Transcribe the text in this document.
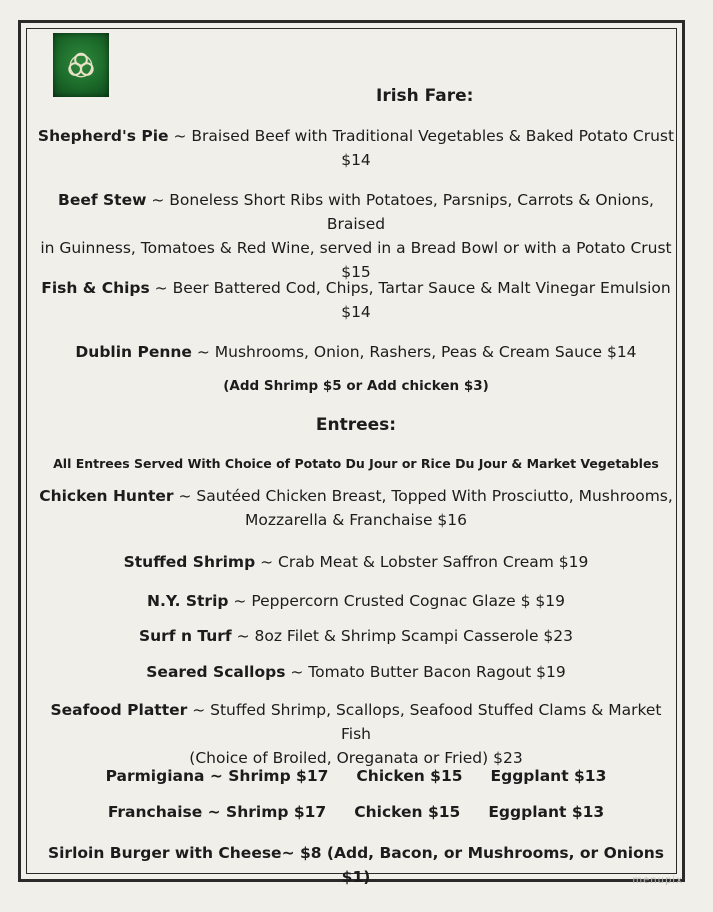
Irish Fare:
Shepherd's Pie ~ Braised Beef with Traditional Vegetables & Baked Potato Crust
$14
Beef Stew ~ Boneless Short Ribs with Potatoes, Parsnips, Carrots & Onions, Braised
in Guinness, Tomatoes & Red Wine, served in a Bread Bowl or with a Potato Crust
$15
Fish & Chips ~ Beer Battered Cod, Chips, Tartar Sauce & Malt Vinegar Emulsion
$14
Dublin Penne ~ Mushrooms, Onion, Rashers, Peas & Cream Sauce $14
(Add Shrimp $5 or Add chicken $3)
Entrees:
All Entrees Served With Choice of Potato Du Jour or Rice Du Jour & Market Vegetables
Chicken Hunter ~ Sautéed Chicken Breast, Topped With Prosciutto, Mushrooms,
Mozzarella & Franchaise $16
Stuffed Shrimp ~ Crab Meat & Lobster Saffron Cream $19
N.Y. Strip ~ Peppercorn Crusted Cognac Glaze $ $19
Surf n Turf ~ 8oz Filet & Shrimp Scampi Casserole $23
Seared Scallops ~ Tomato Butter Bacon Ragout $19
Seafood Platter ~ Stuffed Shrimp, Scallops, Seafood Stuffed Clams & Market Fish
(Choice of Broiled, Oreganata or Fried) $23
Parmigiana ~ Shrimp $17 Chicken $15 Eggplant $13
Franchaise ~ Shrimp $17 Chicken $15 Eggplant $13
Sirloin Burger with Cheese~ $8 (Add, Bacon, or Mushrooms, or Onions $1)	menupix
